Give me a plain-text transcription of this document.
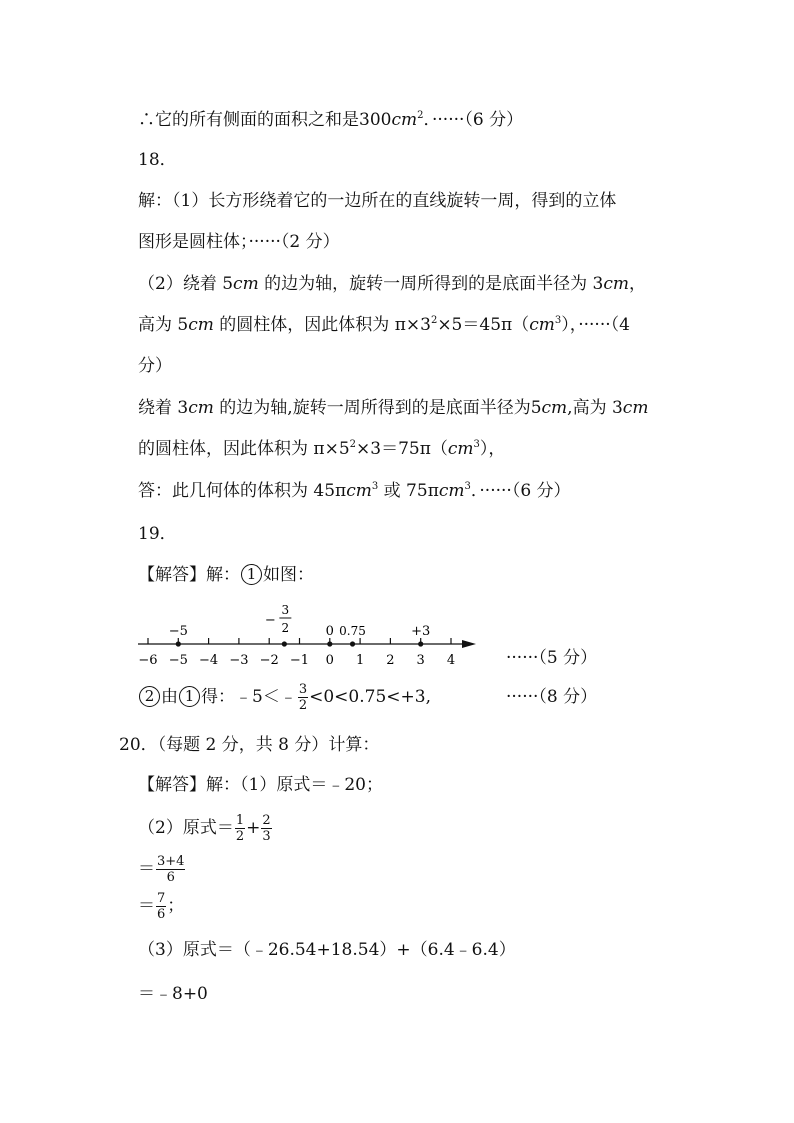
∴它的所有侧面的面积之和是$300cm^2$．······（6 分）
18．
解：（1）长方形绕着它的一边所在的直线旋转一周，得到的立体
图形是圆柱体；······（2 分）
（2）绕着 5cm 的边为轴，旋转一周所得到的是底面半径为 3cm，
高为 5cm 的圆柱体，因此体积为 $\pi\times 3^2\times 5=45\pi(cm^3)$，······（4
分）
绕着 3cm 的边为轴,旋转一周所得到的是底面半径为5cm,高为 3cm
的圆柱体，因此体积为 $\pi\times 5^2\times 3=75\pi(cm^3)$，
答：此几何体的体积为 45πcm$^3$ 或 75πcm$^3$．······（6 分）
19．
【解答】解： 1 如图：
−6 −5 −4 −3 −2 −1 0 1 2 3 4
−5
−
3
2	0 0.75	+3
······（5 分）
2 由 1 得：﹣5＜﹣ $\frac{3}{2} <0<0.75<+3$,	······（8 分）
20．（每题 2 分，共 8 分）计算：
【解答】解：（1）原式＝﹣20；
（2）原式＝ $\frac{1}{2} + \frac{2}{3}$
＝ $\frac{3+4}{6}$
＝ $\frac{7}{6}$ ；
（3）原式＝（﹣26.54+18.54）+（6.4﹣6.4）
＝﹣8+0
